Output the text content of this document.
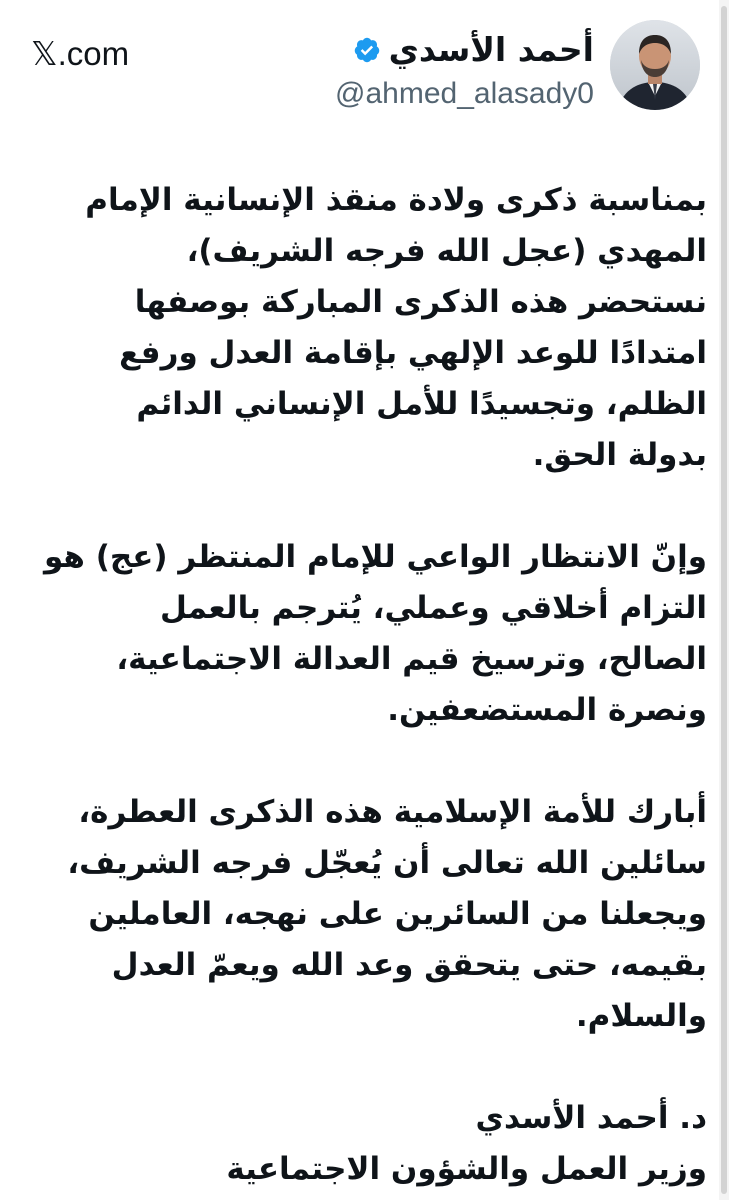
أحمد الأسدي
@ahmed_alasady0
𝕏.com
بمناسبة ذكرى ولادة منقذ الإنسانية الإمام
المهدي (عجل الله فرجه الشريف)،
نستحضر هذه الذكرى المباركة بوصفها
امتدادًا للوعد الإلهي بإقامة العدل ورفع
الظلم، وتجسيدًا للأمل الإنساني الدائم
بدولة الحق.
وإنّ الانتظار الواعي للإمام المنتظر (عج) هو
التزام أخلاقي وعملي، يُترجم بالعمل
الصالح، وترسيخ قيم العدالة الاجتماعية،
ونصرة المستضعفين.
أبارك للأمة الإسلامية هذه الذكرى العطرة،
سائلين الله تعالى أن يُعجّل فرجه الشريف،
ويجعلنا من السائرين على نهجه، العاملين
بقيمه، حتى يتحقق وعد الله ويعمّ العدل
والسلام.
د. أحمد الأسدي
وزير العمل والشؤون الاجتماعية
